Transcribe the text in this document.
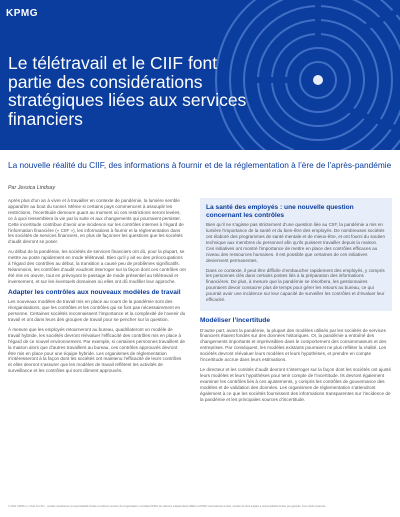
KPMG
Le télétravail et le CIIF font partie des considérations stratégiques liées aux services financiers
La nouvelle réalité du CIIF, des informations à fournir et de la réglementation à l’ère de l’après-pandémie
Par Jessica Lindsay

Après plus d’un an à vivre et à travailler en contexte de pandémie, la lumière semble apparaître au bout du tunnel. Même si certains pays commencent à assouplir les restrictions, l’incertitude demeure quant au moment où ces restrictions seront levées, ce à quoi ressemblera la vie par la suite et aux changements qui pourraient persister. Cette incertitude contribue d’avoir une incidence sur les contrôles internes à l’égard de l’information financière (« CIIF »), les informations à fournir et la réglementation dans les sociétés de services financiers, en plus de façonner les questions que les sociétés d’audit devront se poser.

Au début de la pandémie, les sociétés de services financiers ont dû, pour la plupart, se mettre au poste rapidement en mode télétravail. Bien qu’il y ait eu des préoccupations à l’égard des contrôles au début, la transition a causé peu de problèmes significatifs. Néanmoins, les contrôles d’audit voudront interroger sur la façon dont ces contrôles ont été mis en œuvre, tout en prévoyant le passage de mode présentiel au télétravail et inversement, et sur les éventuels domaines où elles ont dû modifier leur approche.

Adapter les contrôles aux nouveaux modèles de travail

Les nouveaux modèles de travail mis en place au cours de la pandémie sont des réorganisations, que les contrôles et les contrôles qui se font pas nécessairement en personne. Certaines sociétés reconnaissent l’importance et la complexité de l’avenir du travail et ont dans leurs des groupes de travail pour se pencher sur la question.

À mesure que les employés retourneront au bureau, quadrilateront un modèle de travail hybride, les sociétés devront réévaluer l’efficacité des contrôles mis en place à l’égard de ce nouvel environnement. Par exemple, si certaines personnes travaillent de la maison alors que d’autres travaillent au bureau, ces contrôles approuvés devront être mis en place pour une équipe hybride. Les organismes de réglementation s’intéresseront à la façon dont les sociétés ont maintenu l’efficacité de leurs contrôles et elles devront s’assurer que les modèles de travail reflètent les activités de surveillance et les contrôles qui sont dûment approuvés.

La santé des employés : une nouvelle question concernant les contrôles

Bien qu’il ne s’agisse pas strictement d’une question liée au CIIF, la pandémie a mis en lumière l’importance de la santé et du bien-être des employés. De nombreuses sociétés ont élaboré des programmes de santé mentale et de mieux-être, et ont fourni du soutien technique aux membres du personnel afin qu’ils puissent travailler depuis la maison. Ces initiatives ont montré l’importance de mettre en place des contrôles efficaces au niveau des ressources humaines. Il est possible que certaines de ces initiatives deviennent permanentes.

Dans ce contexte, il peut être difficile d’embaucher rapidement des employés, y compris les personnes clés dans certains postes liés à la préparation des informations financières. De plus, à mesure que la pandémie se résorbera, les gestionnaires pourraient devoir consacrer plus de temps pour gérer les retours au bureau, ce qui pourrait avoir une incidence sur leur capacité de surveiller les contrôles et d’évaluer leur efficacité.

Modéliser l’incertitude

D’autre part, avant la pandémie, la plupart des modèles utilisés par les sociétés de services financiers étaient fondés sur des données historiques. Or, la pandémie a entraîné des changements importants et imprévisibles dans le comportement des consommateurs et des entreprises. Par conséquent, les modèles existants pourraient ne plus refléter la réalité. Les sociétés devront réévaluer leurs modèles et leurs hypothèses, et prendre en compte l’incertitude accrue dans leurs estimations.

Le directeur et les comités d’audit devront s’interroger sur la façon dont les sociétés ont ajusté leurs modèles et leurs hypothèses pour tenir compte de l’incertitude. Ils devront également examiner les contrôles liés à ces ajustements, y compris les contrôles de gouvernance des modèles et de validation des données. Les organismes de réglementation s’attendront également à ce que les sociétés fournissent des informations transparentes sur l’incidence de la pandémie et les principales sources d’incertitude.

© 2021 KPMG s.r.l./S.E.N.C.R.L., société canadienne à responsabilité limitée et cabinet membre de l’organisation mondiale KPMG de cabinets indépendants affiliés à KPMG International Limited, société de droit anglais à responsabilité limitée par garantie. Tous droits réservés.
